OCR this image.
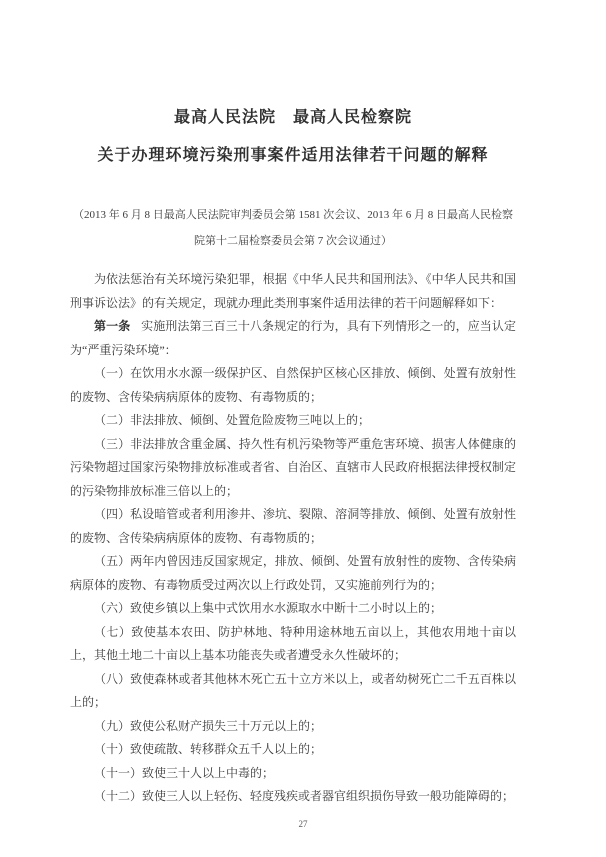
最高人民法院　最高人民检察院
关于办理环境污染刑事案件适用法律若干问题的解释
（2013 年 6 月 8 日最高人民法院审判委员会第 1581 次会议、2013 年 6 月 8 日最高人民检察
院第十二届检察委员会第 7 次会议通过）

为依法惩治有关环境污染犯罪，根据《中华人民共和国刑法》、《中华人民共和国刑事诉讼法》的有关规定，现就办理此类刑事案件适用法律的若干问题解释如下：

第一条 实施刑法第三百三十八条规定的行为，具有下列情形之一的，应当认定为“严重污染环境”：

（一）在饮用水水源一级保护区、自然保护区核心区排放、倾倒、处置有放射性的废物、含传染病病原体的废物、有毒物质的；

（二）非法排放、倾倒、处置危险废物三吨以上的；

（三）非法排放含重金属、持久性有机污染物等严重危害环境、损害人体健康的污染物超过国家污染物排放标准或者省、自治区、直辖市人民政府根据法律授权制定的污染物排放标准三倍以上的；

（四）私设暗管或者利用渗井、渗坑、裂隙、溶洞等排放、倾倒、处置有放射性的废物、含传染病病原体的废物、有毒物质的；

（五）两年内曾因违反国家规定，排放、倾倒、处置有放射性的废物、含传染病病原体的废物、有毒物质受过两次以上行政处罚，又实施前列行为的；

（六）致使乡镇以上集中式饮用水水源取水中断十二小时以上的；

（七）致使基本农田、防护林地、特种用途林地五亩以上，其他农用地十亩以上，其他土地二十亩以上基本功能丧失或者遭受永久性破坏的；

（八）致使森林或者其他林木死亡五十立方米以上，或者幼树死亡二千五百株以上的；

（九）致使公私财产损失三十万元以上的；

（十）致使疏散、转移群众五千人以上的；

（十一）致使三十人以上中毒的；

（十二）致使三人以上轻伤、轻度残疾或者器官组织损伤导致一般功能障碍的；

27
